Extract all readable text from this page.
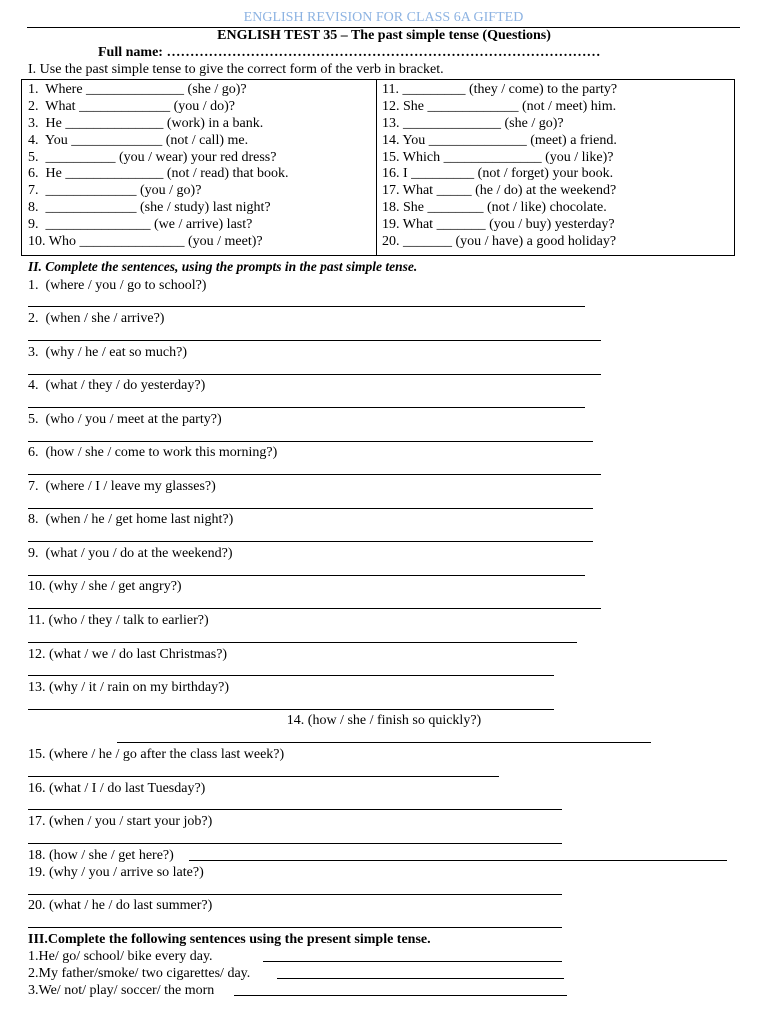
ENGLISH REVISION FOR CLASS 6A GIFTED
ENGLISH TEST 35 – The past simple tense (Questions)
Full name: …………………………………………………………………………………
I. Use the past simple tense to give the correct form of the verb in bracket.
1.  Where ______________ (she / go)?
2.  What _____________ (you / do)?
3.  He ______________ (work) in a bank.
4.  You _____________ (not / call) me.
5.  __________ (you / wear) your red dress?
6.  He ______________ (not / read) that book.
7.  _____________ (you / go)?
8.  _____________ (she / study) last night?
9.  _______________ (we / arrive) last?
10. Who _______________ (you / meet)?
11. _________ (they / come) to the party?
12. She _____________ (not / meet) him.
13. ______________ (she / go)?
14. You ______________ (meet) a friend.
15. Which ______________ (you / like)?
16. I _________ (not / forget) your book.
17. What _____ (he / do) at the weekend?
18. She ________ (not / like) chocolate.
19. What _______ (you / buy) yesterday?
20. _______ (you / have) a good holiday?
II. Complete the sentences, using the prompts in the past simple tense.
1.  (where / you / go to school?)
2.  (when / she / arrive?)
3.  (why / he / eat so much?)
4.  (what / they / do yesterday?)
5.  (who / you / meet at the party?)
6.  (how / she / come to work this morning?)
7.  (where / I / leave my glasses?)
8.  (when / he / get home last night?)
9.  (what / you / do at the weekend?)
10. (why / she / get angry?)
11. (who / they / talk to earlier?)
12. (what / we / do last Christmas?)
13. (why / it / rain on my birthday?)
14. (how / she / finish so quickly?)
15. (where / he / go after the class last week?)
16. (what / I / do last Tuesday?)
17. (when / you / start your job?)
18. (how / she / get here?)
19. (why / you / arrive so late?)
20. (what / he / do last summer?)
III.Complete the following sentences using the present simple tense.
1.He/ go/ school/ bike every day.
2.My father/smoke/ two cigarettes/ day.
3.We/ not/ play/ soccer/ the morn
